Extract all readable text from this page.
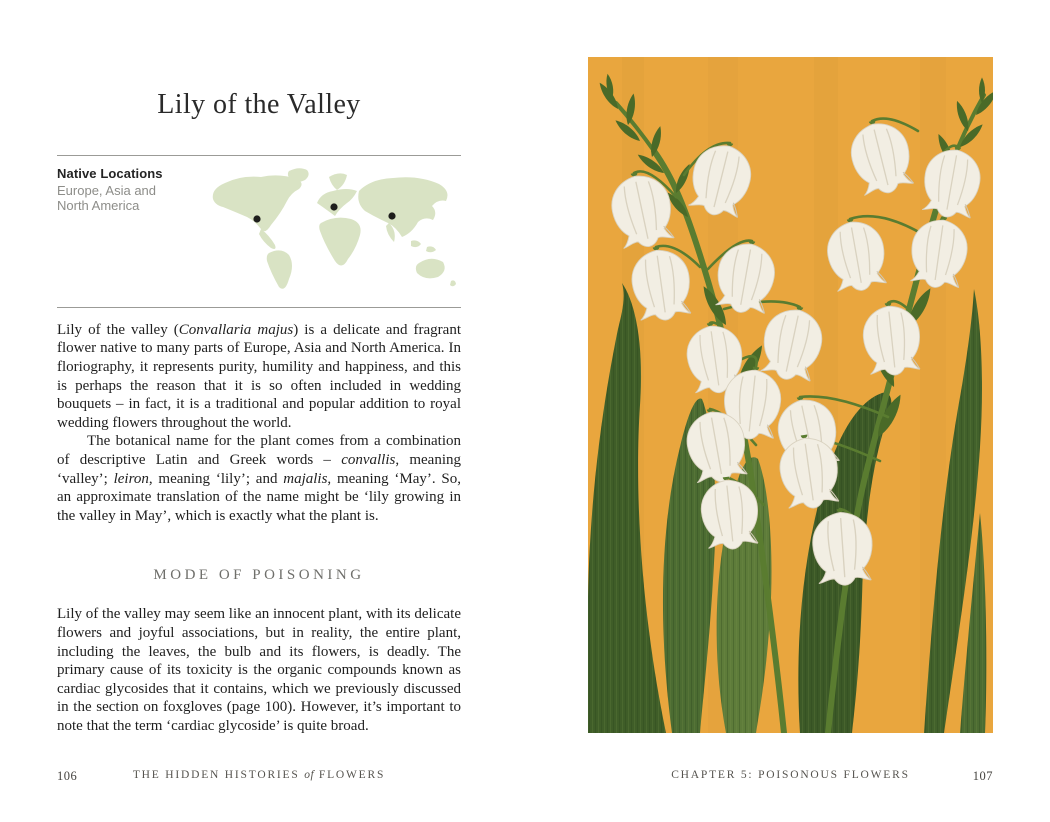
Lily of the Valley
Native Locations
Europe, Asia and
North America

Lily of the valley (Convallaria majus) is a delicate and fragrant flower native to many parts of Europe, Asia and North America. In floriography, it represents purity, humility and happiness, and this is perhaps the reason that it is so often included in wedding bouquets – in fact, it is a traditional and popular addition to royal wedding flowers throughout the world.

The botanical name for the plant comes from a combination of descriptive Latin and Greek words – convallis, meaning ‘valley’; leiron, meaning ‘lily’; and majalis, meaning ‘May’. So, an approximate translation of the name might be ‘lily growing in the valley in May’, which is exactly what the plant is.

MODE OF POISONING

Lily of the valley may seem like an innocent plant, with its delicate flowers and joyful associations, but in reality, the entire plant, including the leaves, the bulb and its flowers, is deadly. The primary cause of its toxicity is the organic compounds known as cardiac glycosides that it contains, which we previously discussed in the section on foxgloves (page 100). However, it’s important to note that the term ‘cardiac glycoside’ is quite broad.

106	THE HIDDEN HISTORIES of FLOWERS	CHAPTER 5: POISONOUS FLOWERS	107
